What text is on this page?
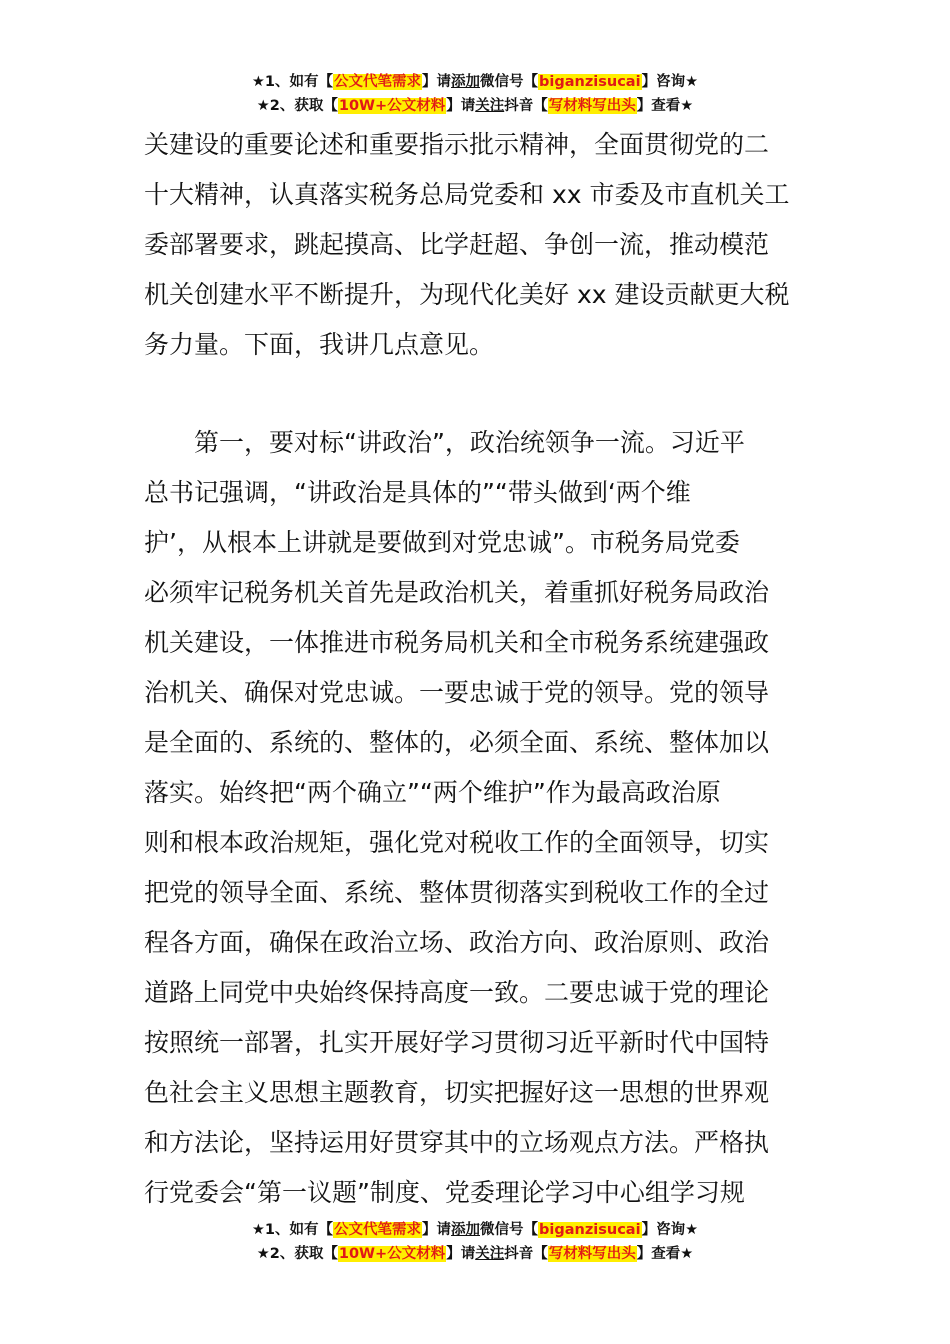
★1、如有【公文代笔需求】请添加微信号【biganzisucai】咨询★
★2、获取【10W+公文材料】请关注抖音【写材料写出头】查看★
关建设的重要论述和重要指示批示精神，全面贯彻党的二
十大精神，认真落实税务总局党委和 xx 市委及市直机关工
委部署要求，跳起摸高、比学赶超、争创一流，推动模范
机关创建水平不断提升，为现代化美好 xx 建设贡献更大税
务力量。下面，我讲几点意见。
　　第一，要对标“讲政治”，政治统领争一流。习近平
总书记强调，“讲政治是具体的”“带头做到‘两个维
护’，从根本上讲就是要做到对党忠诚”。市税务局党委
必须牢记税务机关首先是政治机关，着重抓好税务局政治
机关建设，一体推进市税务局机关和全市税务系统建强政
治机关、确保对党忠诚。一要忠诚于党的领导。党的领导
是全面的、系统的、整体的，必须全面、系统、整体加以
落实。始终把“两个确立”“两个维护”作为最高政治原
则和根本政治规矩，强化党对税收工作的全面领导，切实
把党的领导全面、系统、整体贯彻落实到税收工作的全过
程各方面，确保在政治立场、政治方向、政治原则、政治
道路上同党中央始终保持高度一致。二要忠诚于党的理论
按照统一部署，扎实开展好学习贯彻习近平新时代中国特
色社会主义思想主题教育，切实把握好这一思想的世界观
和方法论，坚持运用好贯穿其中的立场观点方法。严格执
行党委会“第一议题”制度、党委理论学习中心组学习规
★1、如有【公文代笔需求】请添加微信号【biganzisucai】咨询★
★2、获取【10W+公文材料】请关注抖音【写材料写出头】查看★
